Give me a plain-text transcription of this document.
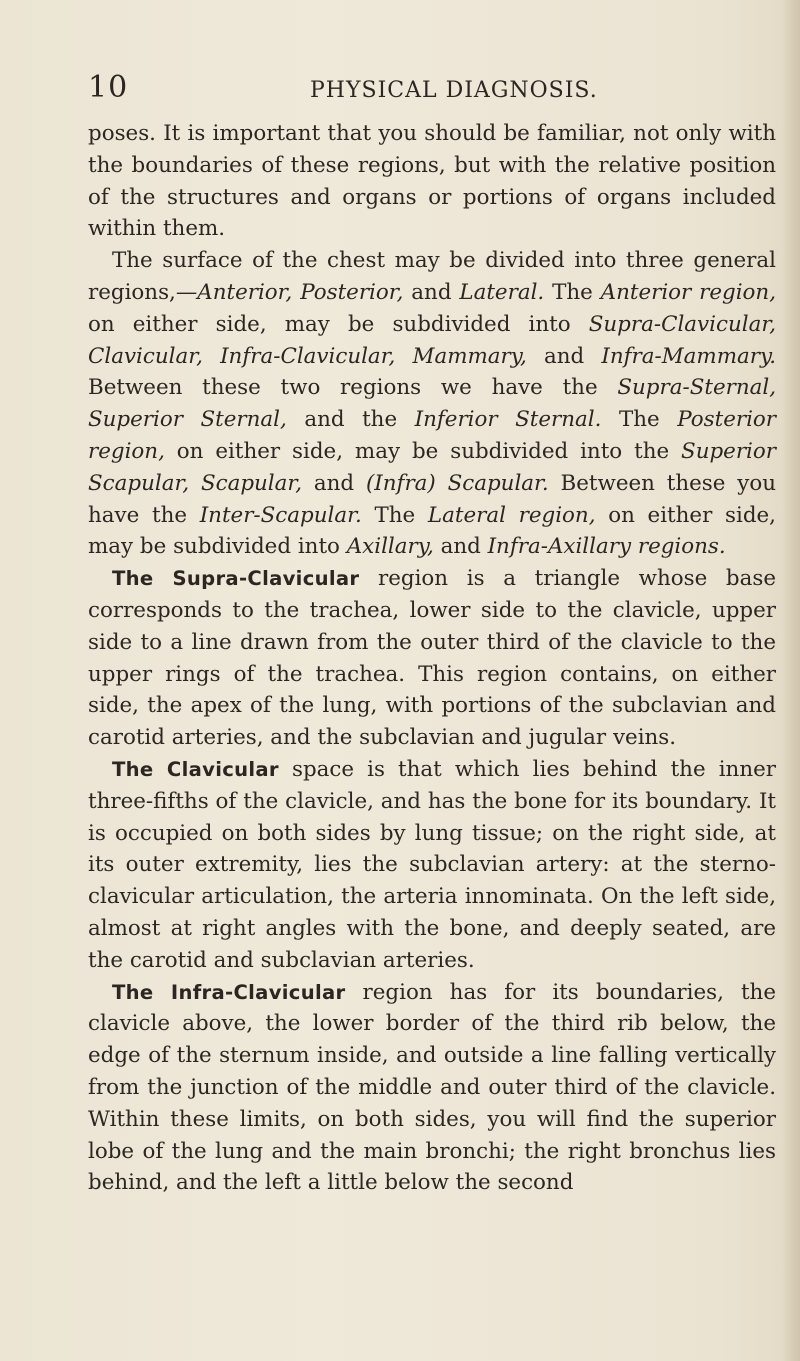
10	PHYSICAL DIAGNOSIS.

poses. It is important that you should be familiar, not only with the boundaries of these regions, but with the relative position of the structures and organs or portions of organs included within them.

The surface of the chest may be divided into three general regions,—Anterior, Posterior, and Lateral. The Anterior region, on either side, may be subdivided into Supra-Clavicular, Clavicular, Infra-Clavicular, Mammary, and Infra-Mammary. Between these two regions we have the Supra-Sternal, Superior Sternal, and the Inferior Sternal. The Posterior region, on either side, may be subdivided into the Superior Scapular, Scapular, and (Infra) Scapular. Between these you have the Inter-Scapular. The Lateral region, on either side, may be subdivided into Axillary, and Infra-Axillary regions.

The Supra-Clavicular region is a triangle whose base corresponds to the trachea, lower side to the clavicle, upper side to a line drawn from the outer third of the clavicle to the upper rings of the trachea. This region contains, on either side, the apex of the lung, with portions of the subclavian and carotid arteries, and the subclavian and jugular veins.

The Clavicular space is that which lies behind the inner three-fifths of the clavicle, and has the bone for its boundary. It is occupied on both sides by lung tissue; on the right side, at its outer extremity, lies the subclavian artery: at the sterno-clavicular articulation, the arteria innominata. On the left side, almost at right angles with the bone, and deeply seated, are the carotid and subclavian arteries.

The Infra-Clavicular region has for its boundaries, the clavicle above, the lower border of the third rib below, the edge of the sternum inside, and outside a line falling vertically from the junction of the middle and outer third of the clavicle. Within these limits, on both sides, you will find the superior lobe of the lung and the main bronchi; the right bronchus lies behind, and the left a little below the second
